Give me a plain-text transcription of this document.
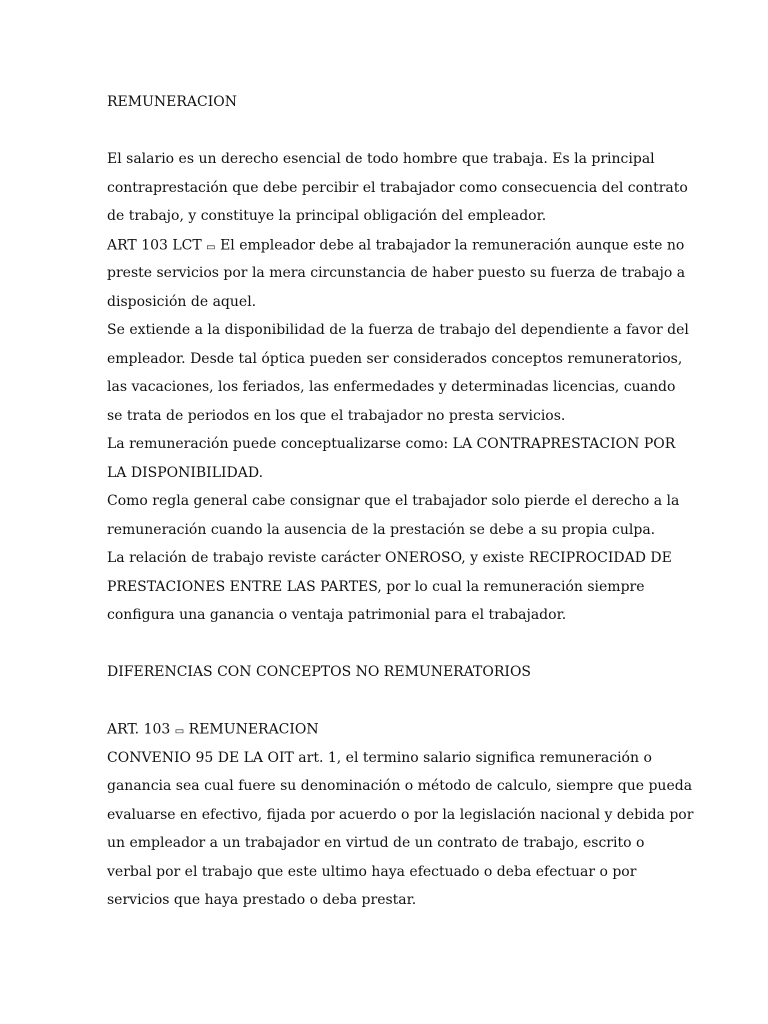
REMUNERACION
El salario es un derecho esencial de todo hombre que trabaja. Es la principal
contraprestación que debe percibir el trabajador como consecuencia del contrato
de trabajo, y constituye la principal obligación del empleador.
ART 103 LCT ▭ El empleador debe al trabajador la remuneración aunque este no
preste servicios por la mera circunstancia de haber puesto su fuerza de trabajo a
disposición de aquel.
Se extiende a la disponibilidad de la fuerza de trabajo del dependiente a favor del
empleador. Desde tal óptica pueden ser considerados conceptos remuneratorios,
las vacaciones, los feriados, las enfermedades y determinadas licencias, cuando
se trata de periodos en los que el trabajador no presta servicios.
La remuneración puede conceptualizarse como: LA CONTRAPRESTACION POR
LA DISPONIBILIDAD.
Como regla general cabe consignar que el trabajador solo pierde el derecho a la
remuneración cuando la ausencia de la prestación se debe a su propia culpa.
La relación de trabajo reviste carácter ONEROSO, y existe RECIPROCIDAD DE
PRESTACIONES ENTRE LAS PARTES, por lo cual la remuneración siempre
configura una ganancia o ventaja patrimonial para el trabajador.
DIFERENCIAS CON CONCEPTOS NO REMUNERATORIOS
ART. 103 ▭ REMUNERACION
CONVENIO 95 DE LA OIT art. 1, el termino salario significa remuneración o
ganancia sea cual fuere su denominación o método de calculo, siempre que pueda
evaluarse en efectivo, fijada por acuerdo o por la legislación nacional y debida por
un empleador a un trabajador en virtud de un contrato de trabajo, escrito o
verbal por el trabajo que este ultimo haya efectuado o deba efectuar o por
servicios que haya prestado o deba prestar.
